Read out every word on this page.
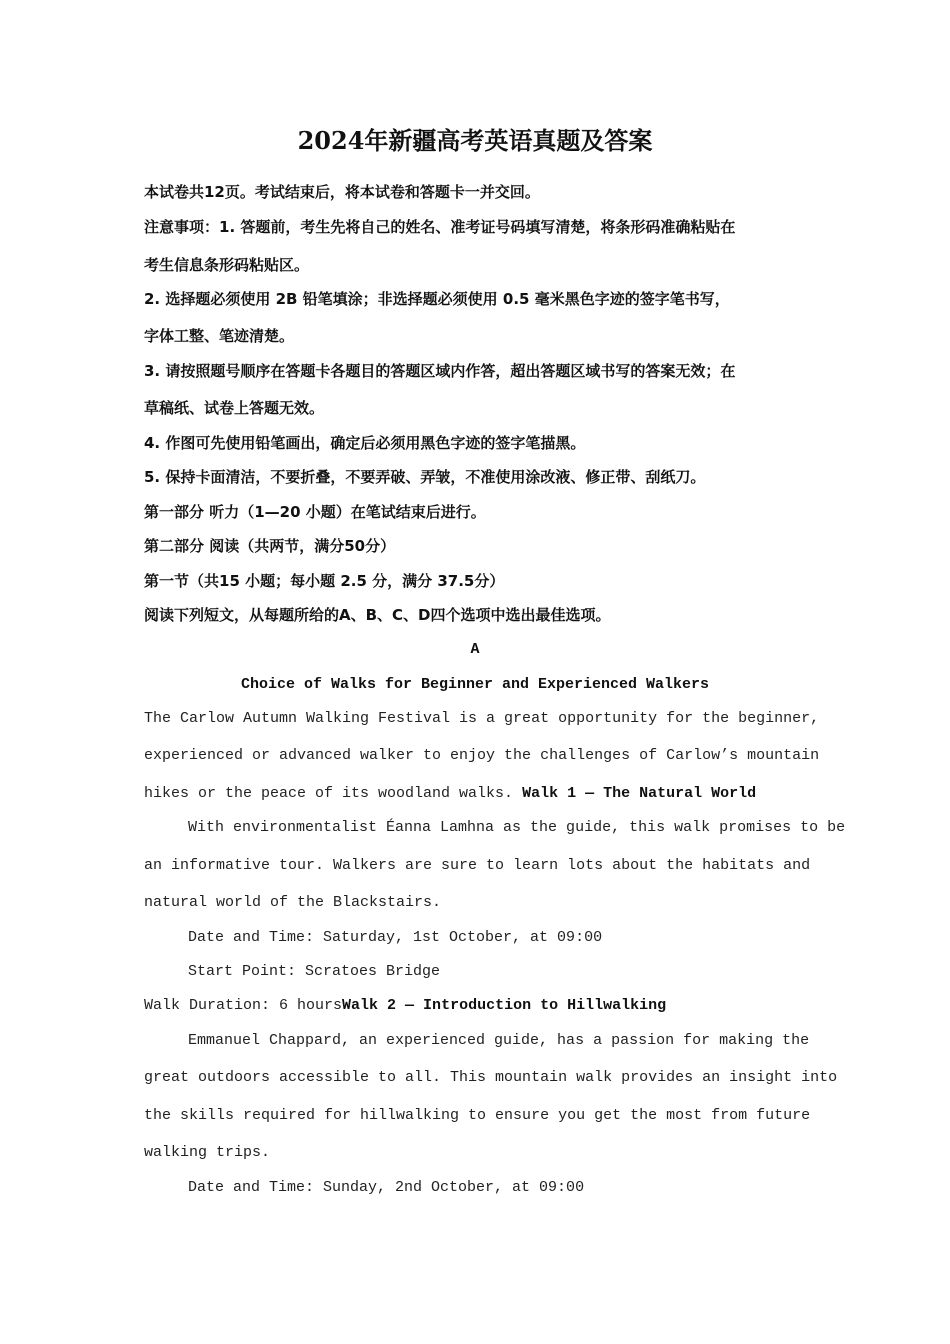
2024年新疆高考英语真题及答案
本试卷共12页。考试结束后，将本试卷和答题卡一并交回。
注意事项：1. 答题前，考生先将自己的姓名、准考证号码填写清楚，将条形码准确粘贴在
考生信息条形码粘贴区。
2. 选择题必须使用 2B 铅笔填涂；非选择题必须使用 0.5 毫米黑色字迹的签字笔书写，
字体工整、笔迹清楚。
3. 请按照题号顺序在答题卡各题目的答题区域内作答，超出答题区域书写的答案无效；在
草稿纸、试卷上答题无效。
4. 作图可先使用铅笔画出，确定后必须用黑色字迹的签字笔描黑。
5. 保持卡面清洁，不要折叠，不要弄破、弄皱，不准使用涂改液、修正带、刮纸刀。
第一部分 听力（1—20 小题）在笔试结束后进行。
第二部分 阅读（共两节，满分50分）
第一节（共15 小题；每小题 2.5 分，满分 37.5分）
阅读下列短文，从每题所给的A、B、C、D四个选项中选出最佳选项。
A
Choice of Walks for Beginner and Experienced Walkers
The Carlow Autumn Walking Festival is a great opportunity for the beginner,
experienced or advanced walker to enjoy the challenges of Carlow’s mountain
hikes or the peace of its woodland walks. Walk 1 — The Natural World
With environmentalist Éanna Lamhna as the guide, this walk promises to be
an informative tour. Walkers are sure to learn lots about the habitats and
natural world of the Blackstairs.
Date and Time: Saturday, 1st October, at 09:00
Start Point: Scratoes Bridge
Walk Duration: 6 hoursWalk 2 — Introduction to Hillwalking
Emmanuel Chappard, an experienced guide, has a passion for making the
great outdoors accessible to all. This mountain walk provides an insight into
the skills required for hillwalking to ensure you get the most from future
walking trips.
Date and Time: Sunday, 2nd October, at 09:00
